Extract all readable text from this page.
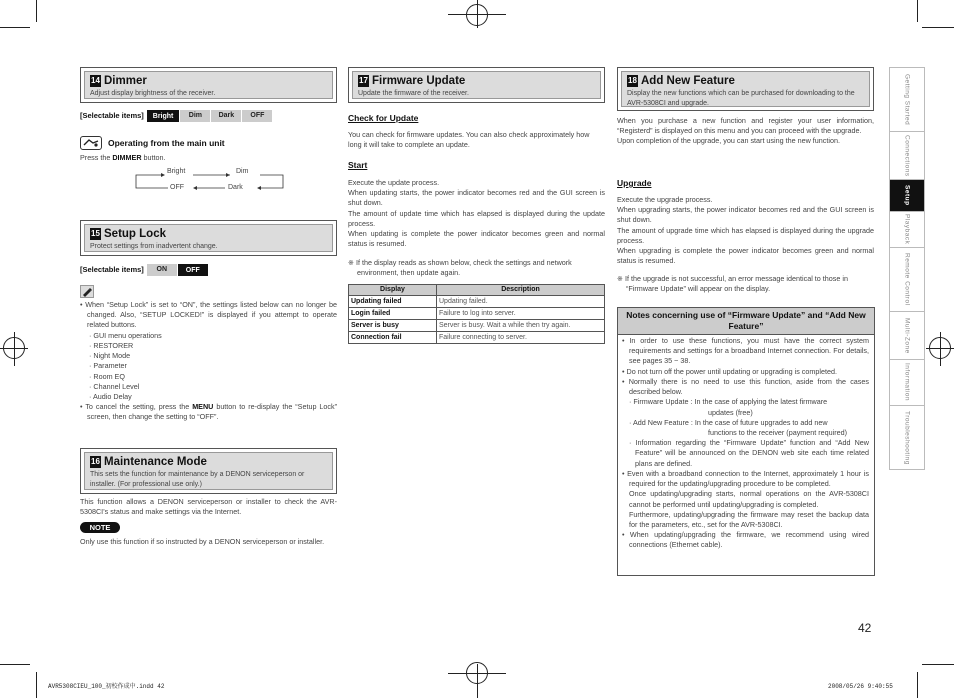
14 Dimmer
Adjust display brightness of the receiver.
[Selectable items]	Bright	Dim	Dark	OFF
Operating from the main unit
Press the DIMMER button.
Bright	Dim
OFF	Dark
15 Setup Lock
Protect settings from inadvertent change.
[Selectable items]	ON	OFF
• When “Setup Lock” is set to “ON”, the settings listed below can no longer be changed. Also, “SETUP LOCKED!” is displayed if you attempt to operate related buttons.
· GUI menu operations
· RESTORER
· Night Mode
· Parameter
· Room EQ
· Channel Level
· Audio Delay
• To cancel the setting, press the MENU button to re-display the “Setup Lock” screen, then change the setting to “OFF”.
16 Maintenance Mode
This sets the function for maintenance by a DENON serviceperson or installer. (For professional use only.)
This function allows a DENON serviceperson or installer to check the AVR-5308CI’s status and make settings via the Internet.
NOTE
Only use this function if so instructed by a DENON serviceperson or installer.
17 Firmware Update
Update the firmware of the receiver.
Check for Update
You can check for firmware updates. You can also check approximately how long it will take to complete an update.
Start
Execute the update process.
When updating starts, the power indicator becomes red and the GUI screen is shut down.
The amount of update time which has elapsed is displayed during the update process.
When updating is complete the power indicator becomes green and normal status is resumed.
※ If the display reads as shown below, check the settings and network environment, then update again.
Display	Description
Updating failed	Updating failed.
Login failed	Failure to log into server.
Server is busy	Server is busy. Wait a while then try again.
Connection fail	Failure connecting to server.
18 Add New Feature
Display the new functions which can be purchased for downloading to the AVR-5308CI and upgrade.
When you purchase a new function and register your user information, “Registerd” is displayed on this menu and you can proceed with the upgrade.
Upon completion of the upgrade, you can start using the new function.
Upgrade
Execute the upgrade process.
When upgrading starts, the power indicator becomes red and the GUI screen is shut down.
The amount of upgrade time which has elapsed is displayed during the upgrade process.
When upgrading is complete the power indicator becomes green and normal status is resumed.
※ If the upgrade is not successful, an error message identical to those in “Firmware Update” will appear on the display.
Notes concerning use of “Firmware Update” and “Add New Feature”
• In order to use these functions, you must have the correct system requirements and settings for a broadband Internet connection. For details, see pages 35 ~ 38.
• Do not turn off the power until updating or upgrading is completed.
• Normally there is no need to use this function, aside from the cases described below.
· Firmware Update : In the case of applying the latest firmware
updates (free)
· Add New Feature : In the case of future upgrades to add new
functions to the receiver (payment required)
· Information regarding the “Firmware Update” function and “Add New Feature” will be announced on the DENON web site each time related plans are defined.
• Even with a broadband connection to the Internet, approximately 1 hour is required for the updating/upgrading procedure to be completed.
Once updating/upgrading starts, normal operations on the AVR-5308CI cannot be performed until updating/upgrading is completed.
Furthermore, updating/upgrading the firmware may reset the backup data for the parameters, etc., set for the AVR-5308CI.
• When updating/upgrading the firmware, we recommend using wired connections (Ethernet cable).
Getting Started
Connections
Setup
Playback
Remote Control
Multi-Zone
Information
Troubleshooting
42
AVR5308CIEU_100_初校作成中.indd 42	2008/05/26 9:40:55
